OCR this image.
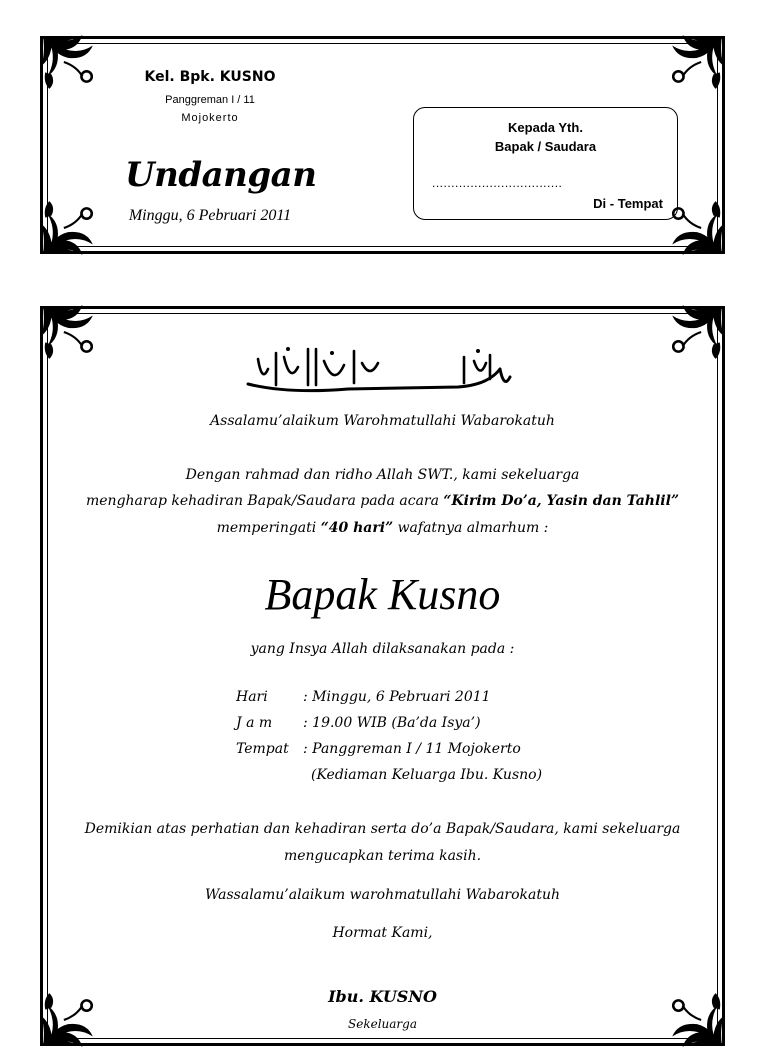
Kel. Bpk. KUSNO
Panggreman I / 11
Mojokerto
Undangan
Minggu, 6 Pebruari 2011
Kepada Yth.
Bapak / Saudara
..................................
Di - Tempat
Assalamu’alaikum Warohmatullahi Wabarokatuh
Dengan rahmad dan ridho Allah SWT., kami sekeluarga
mengharap kehadiran Bapak/Saudara pada acara “Kirim Do’a, Yasin dan Tahlil”
memperingati “40 hari” wafatnya almarhum :
Bapak Kusno
yang Insya Allah dilaksanakan pada :
Hari	: Minggu, 6 Pebruari 2011
J a m	: 19.00 WIB (Ba’da Isya’)
Tempat	: Panggreman I / 11 Mojokerto
(Kediaman Keluarga Ibu. Kusno)
Demikian atas perhatian dan kehadiran serta do’a Bapak/Saudara, kami sekeluarga
mengucapkan terima kasih.
Wassalamu’alaikum warohmatullahi Wabarokatuh
Hormat Kami,
Ibu. KUSNO
Sekeluarga
